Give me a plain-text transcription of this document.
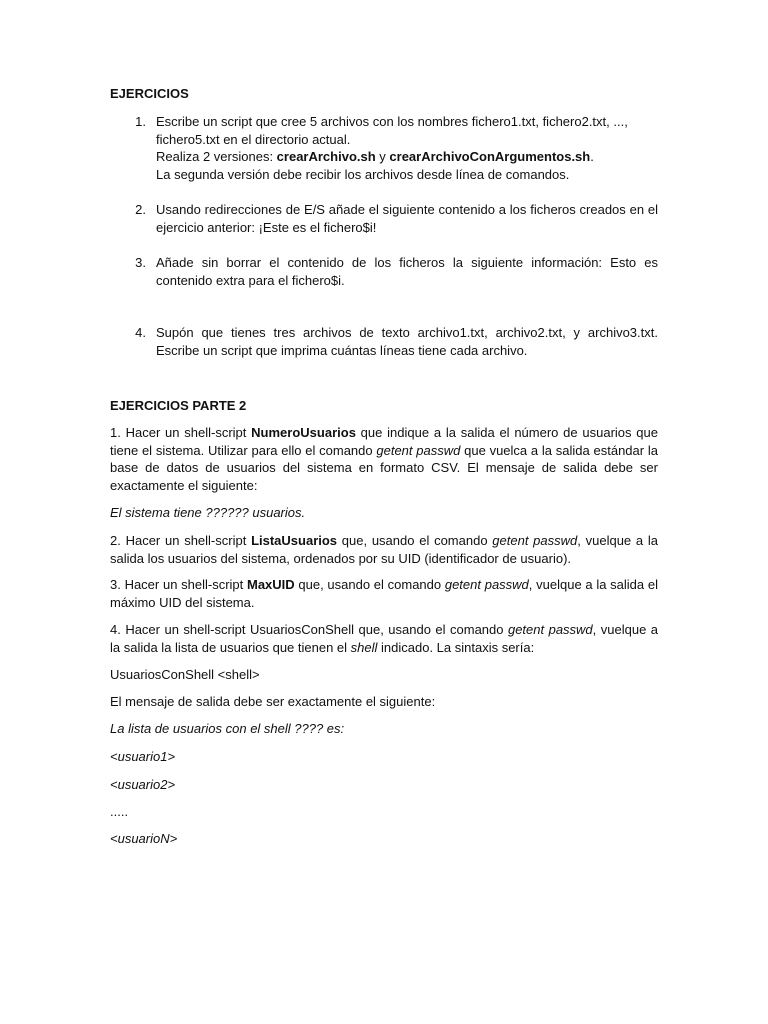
EJERCICIOS
1. Escribe un script que cree 5 archivos con los nombres fichero1.txt, fichero2.txt, ...,
fichero5.txt en el directorio actual.
Realiza 2 versiones: crearArchivo.sh y crearArchivoConArgumentos.sh.
La segunda versión debe recibir los archivos desde línea de comandos.
2. Usando redirecciones de E/S añade el siguiente contenido a los ficheros creados en el ejercicio anterior: ¡Este es el fichero$i!
3. Añade sin borrar el contenido de los ficheros la siguiente información: Esto es contenido extra para el fichero$i.
4. Supón que tienes tres archivos de texto archivo1.txt, archivo2.txt, y archivo3.txt. Escribe un script que imprima cuántas líneas tiene cada archivo.
EJERCICIOS PARTE 2
1. Hacer un shell-script NumeroUsuarios que indique a la salida el número de usuarios que tiene el sistema. Utilizar para ello el comando getent passwd que vuelca a la salida estándar la base de datos de usuarios del sistema en formato CSV. El mensaje de salida debe ser exactamente el siguiente:
El sistema tiene ?????? usuarios.
2. Hacer un shell-script ListaUsuarios que, usando el comando getent passwd, vuelque a la salida los usuarios del sistema, ordenados por su UID (identificador de usuario).
3. Hacer un shell-script MaxUID que, usando el comando getent passwd, vuelque a la salida el máximo UID del sistema.
4. Hacer un shell-script UsuariosConShell que, usando el comando getent passwd, vuelque a la salida la lista de usuarios que tienen el shell indicado. La sintaxis sería:
UsuariosConShell <shell>
El mensaje de salida debe ser exactamente el siguiente:
La lista de usuarios con el shell ???? es:
<usuario1>
<usuario2>
.....
<usuarioN>
